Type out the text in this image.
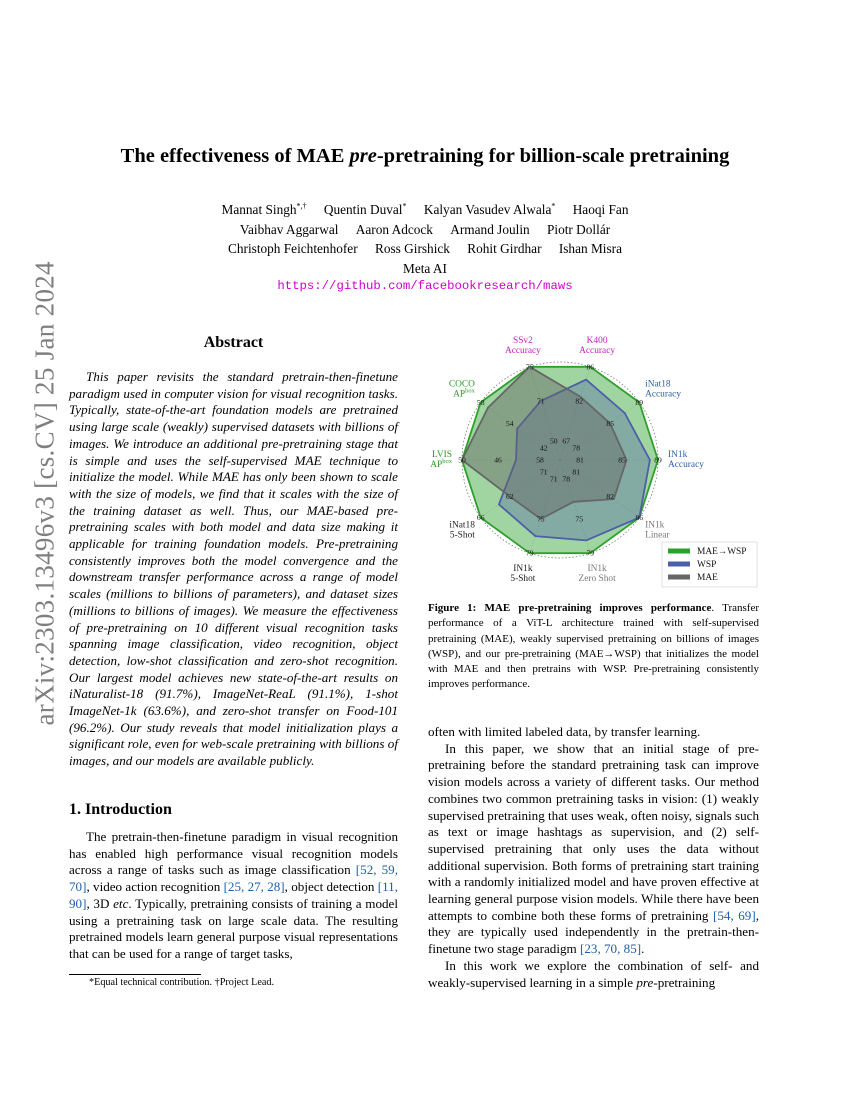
arXiv:2303.13496v3 [cs.CV] 25 Jan 2024
The effectiveness of MAE pre-pretraining for billion-scale pretraining
Mannat Singh*,† Quentin Duval* Kalyan Vasudev Alwala* Haoqi Fan
Vaibhav Aggarwal Aaron Adcock Armand Joulin Piotr Dollár
Christoph Feichtenhofer Ross Girshick Rohit Girdhar Ishan Misra
Meta AI
https://github.com/facebookresearch/maws
Abstract

This paper revisits the standard pretrain-then-finetune paradigm used in computer vision for visual recognition tasks. Typically, state-of-the-art foundation models are pretrained using large scale (weakly) supervised datasets with billions of images. We introduce an additional pre-pretraining stage that is simple and uses the self-supervised MAE technique to initialize the model. While MAE has only been shown to scale with the size of models, we find that it scales with the size of the training dataset as well. Thus, our MAE-based pre-pretraining scales with both model and data size making it applicable for training foundation models. Pre-pretraining consistently improves both the model convergence and the downstream transfer performance across a range of model scales (millions to billions of parameters), and dataset sizes (millions to billions of images). We measure the effectiveness of pre-pretraining on 10 different visual recognition tasks spanning image classification, video recognition, object detection, low-shot classification and zero-shot recognition. Our largest model achieves new state-of-the-art results on iNaturalist-18 (91.7%), ImageNet-ReaL (91.1%), 1-shot ImageNet-1k (63.6%), and zero-shot transfer on Food-101 (96.2%). Our study reveals that model initialization plays a significant role, even for web-scale pretraining with billions of images, and our models are available publicly.

1. Introduction

The pretrain-then-finetune paradigm in visual recognition has enabled high performance visual recognition models across a range of tasks such as image classification [52, 59, 70], video action recognition [25, 27, 28], object detection [11, 90], 3D etc. Typically, pretraining consists of training a model using a pretraining task on large scale data. The resulting pretrained models learn general purpose visual representations that can be used for a range of target tasks,

*Equal technical contribution. †Project Lead.
82
86
67
85
89
78
85	89
81
82
86
81
75
79
78
75
79
71
62
66
71
46
50	58
54
58
42
71
75
50
K400 Accuracy
iNat18 Accuracy
IN1k Accuracy
IN1k Linear
IN1k Zero Shot
IN1k 5-Shot
iNat18 5-Shot
LVIS $AP^{box}$
COCO $AP^{box}$
SSv2 Accuracy
MAE→WSP
WSP
MAE

Figure 1: MAE pre-pretraining improves performance. Transfer performance of a ViT-L architecture trained with self-supervised pretraining (MAE), weakly supervised pretraining on billions of images (WSP), and our pre-pretraining (MAE→WSP) that initializes the model with MAE and then pretrains with WSP. Pre-pretraining consistently improves performance.

often with limited labeled data, by transfer learning.

In this paper, we show that an initial stage of pre-pretraining before the standard pretraining task can improve vision models across a variety of different tasks. Our method combines two common pretraining tasks in vision: (1) weakly supervised pretraining that uses weak, often noisy, signals such as text or image hashtags as supervision, and (2) self-supervised pretraining that only uses the data without additional supervision. Both forms of pretraining start training with a randomly initialized model and have proven effective at learning general purpose vision models. While there have been attempts to combine both these forms of pretraining [54, 69], they are typically used independently in the pretrain-then-finetune two stage paradigm [23, 70, 85].

In this work we explore the combination of self- and weakly-supervised learning in a simple pre-pretraining
